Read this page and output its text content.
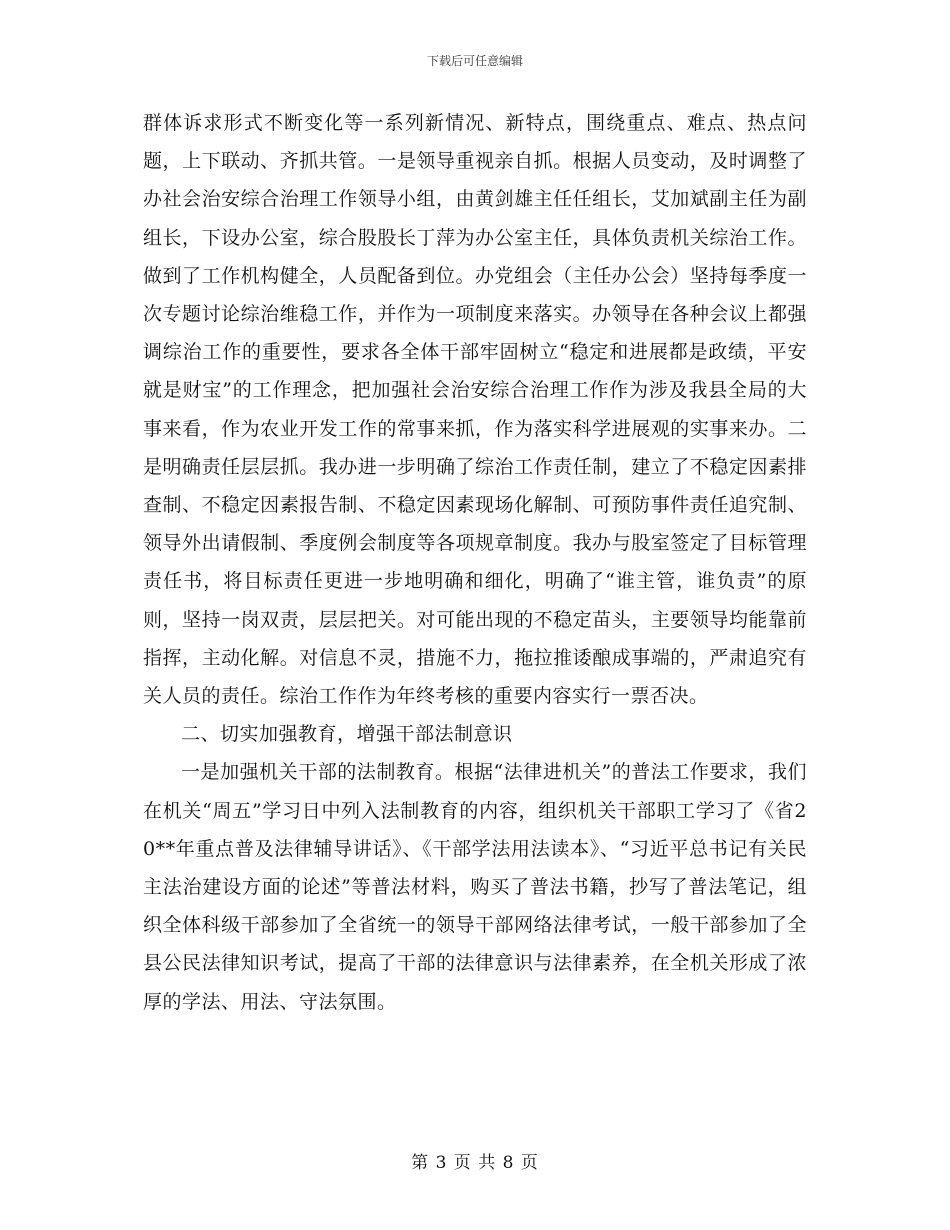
下载后可任意编辑

群体诉求形式不断变化等一系列新情况、新特点，围绕重点、难点、热点问题，上下联动、齐抓共管。一是领导重视亲自抓。根据人员变动，及时调整了办社会治安综合治理工作领导小组，由黄剑雄主任任组长，艾加斌副主任为副组长，下设办公室，综合股股长丁萍为办公室主任，具体负责机关综治工作。做到了工作机构健全，人员配备到位。办党组会（主任办公会）坚持每季度一次专题讨论综治维稳工作，并作为一项制度来落实。办领导在各种会议上都强调综治工作的重要性，要求各全体干部牢固树立“稳定和进展都是政绩，平安就是财宝”的工作理念，把加强社会治安综合治理工作作为涉及我县全局的大事来看，作为农业开发工作的常事来抓，作为落实科学进展观的实事来办。二是明确责任层层抓。我办进一步明确了综治工作责任制，建立了不稳定因素排查制、不稳定因素报告制、不稳定因素现场化解制、可预防事件责任追究制、领导外出请假制、季度例会制度等各项规章制度。我办与股室签定了目标管理责任书，将目标责任更进一步地明确和细化，明确了“谁主管，谁负责”的原则，坚持一岗双责，层层把关。对可能出现的不稳定苗头，主要领导均能靠前指挥，主动化解。对信息不灵，措施不力，拖拉推诿酿成事端的，严肃追究有关人员的责任。综治工作作为年终考核的重要内容实行一票否决。

二、切实加强教育，增强干部法制意识

一是加强机关干部的法制教育。根据“法律进机关”的普法工作要求，我们在机关“周五”学习日中列入法制教育的内容，组织机关干部职工学习了《省20**年重点普及法律辅导讲话》、《干部学法用法读本》、“习近平总书记有关民主法治建设方面的论述”等普法材料，购买了普法书籍，抄写了普法笔记，组织全体科级干部参加了全省统一的领导干部网络法律考试，一般干部参加了全县公民法律知识考试，提高了干部的法律意识与法律素养，在全机关形成了浓厚的学法、用法、守法氛围。

第 3 页 共 8 页
